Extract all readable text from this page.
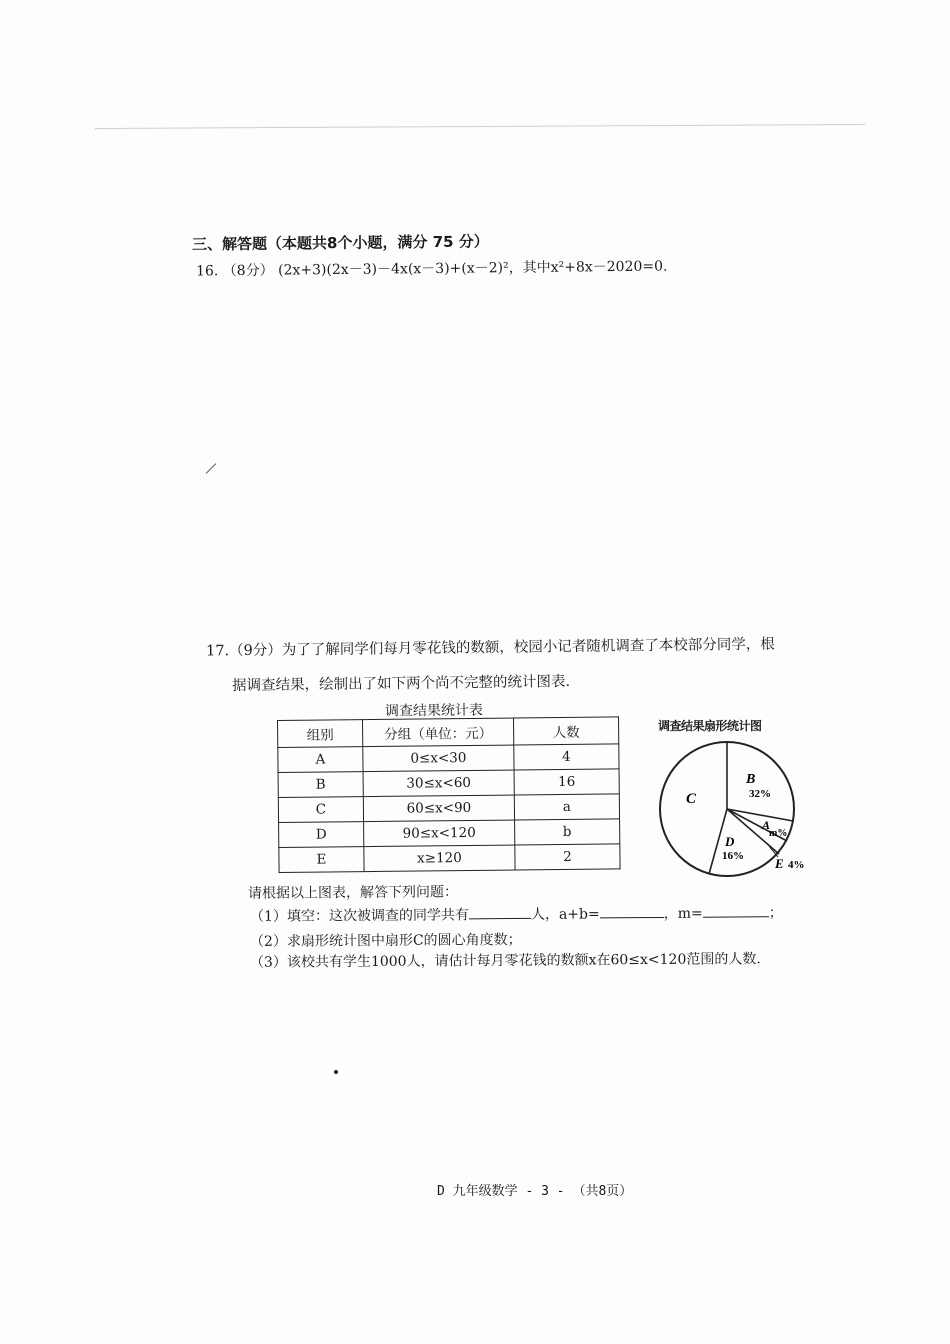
三、解答题（本题共8个小题，满分 75 分）
16. （8分） (2x+3)(2x－3)－4x(x－3)+(x－2)²，其中x²+8x－2020=0.
17.（9分）为了了解同学们每月零花钱的数额，校园小记者随机调查了本校部分同学，根
据调查结果，绘制出了如下两个尚不完整的统计图表.
调查结果统计表
组别	分组（单位：元）	人数
A	0≤x<30	4
B	30≤x<60	16
C	60≤x<90	a
D	90≤x<120	b
E	x≥120	2
调查结果扇形统计图
C
B
32%
A
m%
D
16% E 4%
请根据以上图表，解答下列问题：
（1）填空：这次被调查的同学共有	人，a+b=	，m=	；
（2）求扇形统计图中扇形C的圆心角度数；
（3）该校共有学生1000人，请估计每月零花钱的数额x在60≤x<120范围的人数.
D 九年级数学 - 3 - （共8页）
